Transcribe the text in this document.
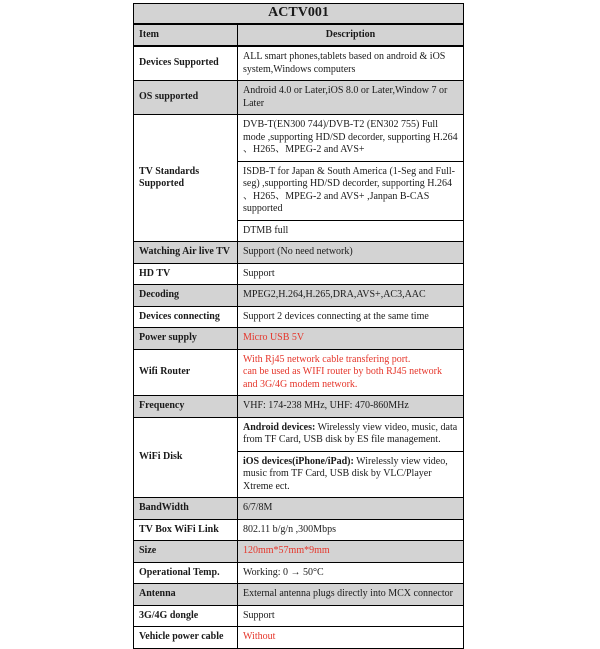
ACTV001	
Item	Description
Devices Supported	ALL smart phones,tablets based on android & iOS system,Windows computers
OS supported	Android 4.0 or Later,iOS 8.0 or Later,Window 7 or Later
TV Standards Supported	DVB-T(EN300 744)/DVB-T2 (EN302 755) Full mode ,supporting HD/SD decorder, supporting H.264 、H265、MPEG-2 and AVS+
	ISDB-T for Japan & South America (1-Seg and Full-seg) ,supporting HD/SD decorder, supporting H.264 、H265、MPEG-2 and AVS+ ,Janpan B-CAS supported
	DTMB full
Watching Air live TV	Support (No need network)
HD TV	Support
Decoding	MPEG2,H.264,H.265,DRA,AVS+,AC3,AAC
Devices connecting	Support 2 devices connecting at the same time
Power supply	Micro USB 5V
Wifi Router	With Rj45 network cable transfering port.
can be used as WIFI router by both RJ45 network and 3G/4G modem network.

Frequency	VHF: 174-238 MHz, UHF: 470-860MHz
WiFi Disk	Android devices: Wirelessly view video, music, data from TF Card, USB disk by ES file management.
	iOS devices(iPhone/iPad): Wirelessly view video, music from TF Card, USB disk by VLC/Player Xtreme ect.
BandWidth	6/7/8M
TV Box WiFi Link	802.11 b/g/n ,300Mbps
Size	120mm*57mm*9mm
Operational Temp.	Working: 0 → 50°C
Antenna	External antenna plugs directly into MCX connector
3G/4G dongle	Support
Vehicle power cable	Without
